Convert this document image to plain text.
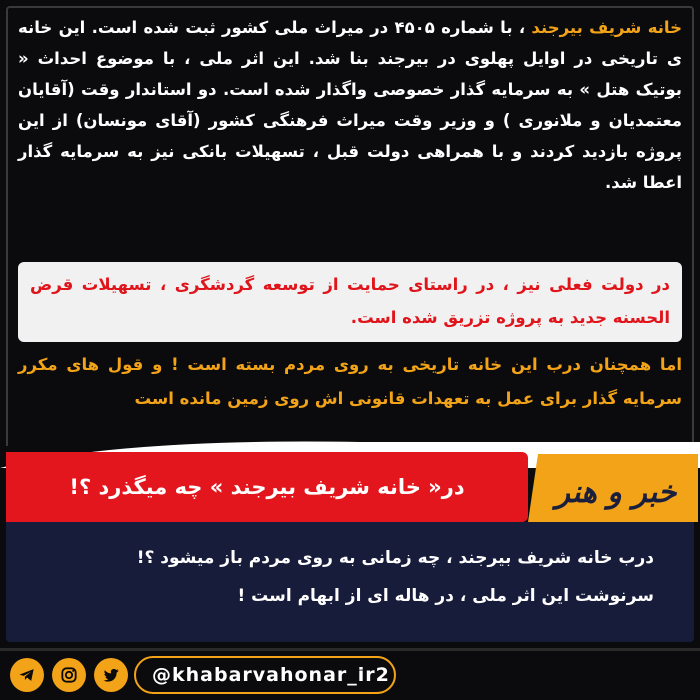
خانه شریف بیرجند ، با شماره ۴۵۰۵ در میراث ملی کشور ثبت شده است. این خانه ی تاریخی در اوایل پهلوی در بیرجند بنا شد. این اثر ملی ، با موضوع احداث « بوتیک هتل » به سرمایه گذار خصوصی واگذار شده است. دو استاندار وقت (آقایان معتمدیان و ملانوری ) و وزیر وقت میراث فرهنگی کشور (آقای مونسان) از این پروژه بازدید کردند و با همراهی دولت قبل ، تسهیلات بانکی نیز به سرمایه گذار اعطا شد.

در دولت فعلی نیز ، در راستای حمایت از توسعه گردشگری ، تسهیلات قرض الحسنه جدید به پروژه تزریق شده است.

اما همچنان درب این خانه تاریخی به روی مردم بسته است ! و قول های مکرر سرمایه گذار برای عمل به تعهدات قانونی اش روی زمین مانده است

در« خانه شریف بیرجند » چه میگذرد ؟!	خبر و هنر

درب خانه شریف بیرجند ، چه زمانی به روی مردم باز میشود ؟!

سرنوشت این اثر ملی ، در هاله ای از ابهام است !

@khabarvahonar_ir2
